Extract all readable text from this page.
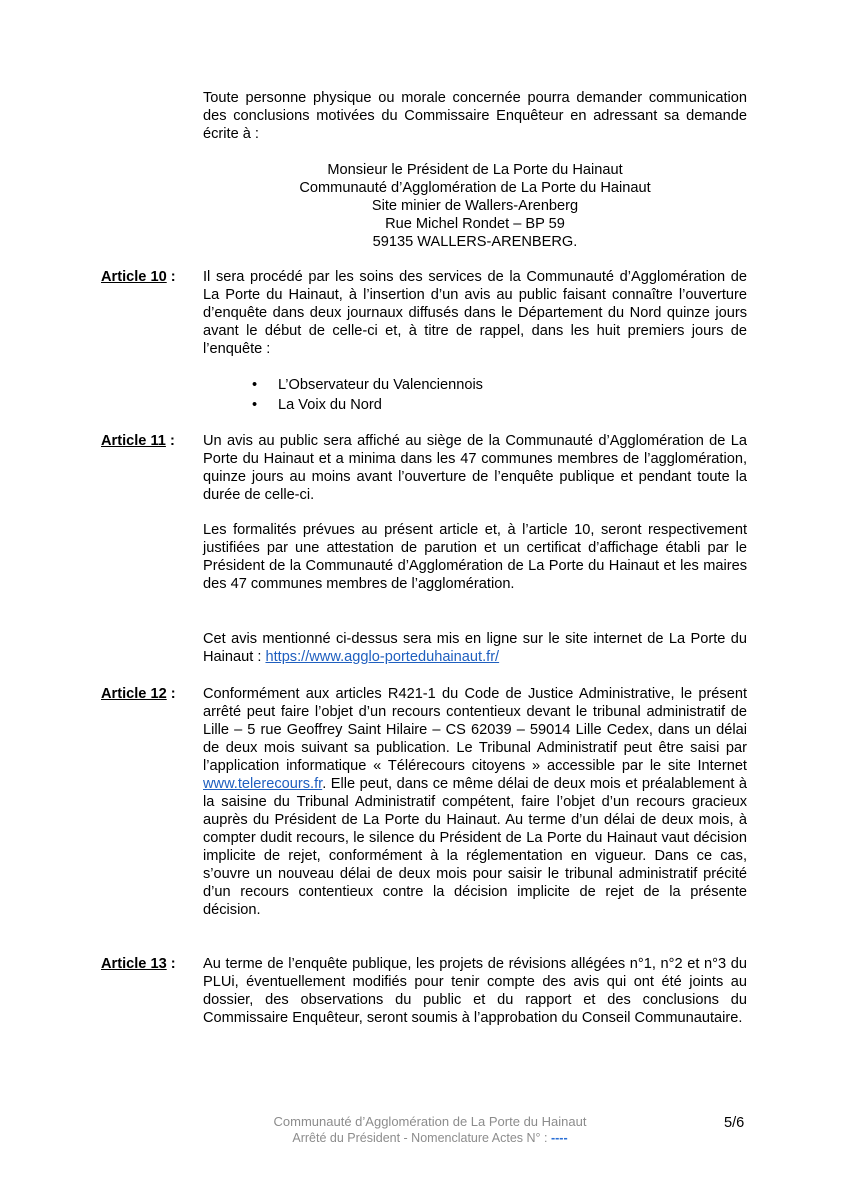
Toute personne physique ou morale concernée pourra demander communication des conclusions motivées du Commissaire Enquêteur en adressant sa demande écrite à :

Monsieur le Président de La Porte du Hainaut
Communauté d’Agglomération de La Porte du Hainaut
Site minier de Wallers-Arenberg
Rue Michel Rondet – BP 59
59135 WALLERS-ARENBERG.
Article 10 : Il sera procédé par les soins des services de la Communauté d’Agglomération de La Porte du Hainaut, à l’insertion d’un avis au public faisant connaître l’ouverture d’enquête dans deux journaux diffusés dans le Département du Nord quinze jours avant le début de celle-ci et, à titre de rappel, dans les huit premiers jours de l’enquête :

• L’Observateur du Valenciennois
• La Voix du Nord
Article 11 : Un avis au public sera affiché au siège de la Communauté d’Agglomération de La Porte du Hainaut et a minima dans les 47 communes membres de l’agglomération, quinze jours au moins avant l’ouverture de l’enquête publique et pendant toute la durée de celle-ci.

Les formalités prévues au présent article et, à l’article 10, seront respectivement justifiées par une attestation de parution et un certificat d’affichage établi par le Président de la Communauté d’Agglomération de La Porte du Hainaut et les maires des 47 communes membres de l’agglomération.

Cet avis mentionné ci-dessus sera mis en ligne sur le site internet de La Porte du Hainaut : https://www.agglo-porteduhainaut.fr/

Article 12 : Conformément aux articles R421-1 du Code de Justice Administrative, le présent arrêté peut faire l’objet d’un recours contentieux devant le tribunal administratif de Lille – 5 rue Geoffrey Saint Hilaire – CS 62039 – 59014 Lille Cedex, dans un délai de deux mois suivant sa publication. Le Tribunal Administratif peut être saisi par l’application informatique « Télérecours citoyens » accessible par le site Internet www.telerecours.fr. Elle peut, dans ce même délai de deux mois et préalablement à la saisine du Tribunal Administratif compétent, faire l’objet d’un recours gracieux auprès du Président de La Porte du Hainaut. Au terme d’un délai de deux mois, à compter dudit recours, le silence du Président de La Porte du Hainaut vaut décision implicite de rejet, conformément à la réglementation en vigueur. Dans ce cas, s’ouvre un nouveau délai de deux mois pour saisir le tribunal administratif précité d’un recours contentieux contre la décision implicite de rejet de la présente décision.

Article 13 : Au terme de l’enquête publique, les projets de révisions allégées n°1, n°2 et n°3 du PLUi, éventuellement modifiés pour tenir compte des avis qui ont été joints au dossier, des observations du public et du rapport et des conclusions du Commissaire Enquêteur, seront soumis à l’approbation du Conseil Communautaire.

Communauté d’Agglomération de La Porte du Hainaut
Arrêté du Président - Nomenclature Actes N° : ----
5/6
